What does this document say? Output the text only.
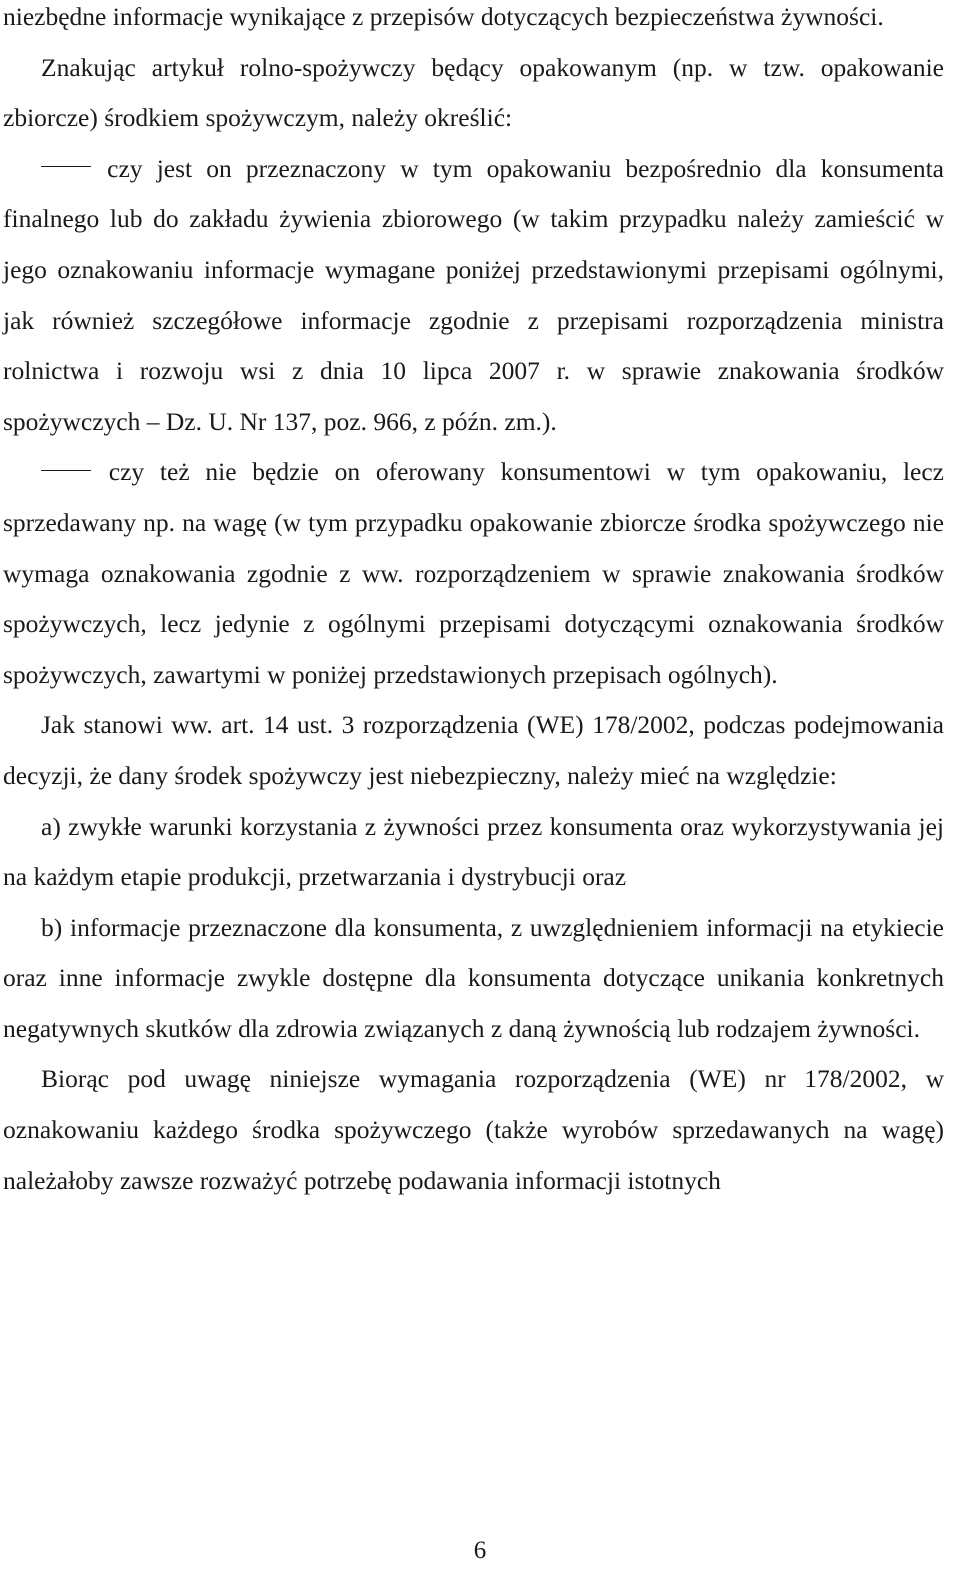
niezbędne informacje wynikające z przepisów dotyczących bezpieczeństwa żywności.

Znakując artykuł rolno-spożywczy będący opakowanym (np. w tzw. opakowanie zbiorcze) środkiem spożywczym, należy określić:

czy jest on przeznaczony w tym opakowaniu bezpośrednio dla konsumenta finalnego lub do zakładu żywienia zbiorowego (w takim przypadku należy zamieścić w jego oznakowaniu informacje wymagane poniżej przedstawionymi przepisami ogólnymi, jak również szczegółowe informacje zgodnie z przepisami rozporządzenia ministra rolnictwa i rozwoju wsi z dnia 10 lipca 2007 r. w sprawie znakowania środków spożywczych – Dz. U. Nr 137, poz. 966, z późn. zm.).

czy też nie będzie on oferowany konsumentowi w tym opakowaniu, lecz sprzedawany np. na wagę (w tym przypadku opakowanie zbiorcze środka spożywczego nie wymaga oznakowania zgodnie z ww. rozporządzeniem w sprawie znakowania środków spożywczych, lecz jedynie z ogólnymi przepisami dotyczącymi oznakowania środków spożywczych, zawartymi w poniżej przedstawionych przepisach ogólnych).

Jak stanowi ww. art. 14 ust. 3 rozporządzenia (WE) 178/2002, podczas podejmowania decyzji, że dany środek spożywczy jest niebezpieczny, należy mieć na względzie:

a) zwykłe warunki korzystania z żywności przez konsumenta oraz wykorzystywania jej na każdym etapie produkcji, przetwarzania i dystrybucji oraz

b) informacje przeznaczone dla konsumenta, z uwzględnieniem informacji na etykiecie oraz inne informacje zwykle dostępne dla konsumenta dotyczące unikania konkretnych negatywnych skutków dla zdrowia związanych z daną żywnością lub rodzajem żywności.

Biorąc pod uwagę niniejsze wymagania rozporządzenia (WE) nr 178/2002, w oznakowaniu każdego środka spożywczego (także wyrobów sprzedawanych na wagę) należałoby zawsze rozważyć potrzebę podawania informacji istotnych

6
